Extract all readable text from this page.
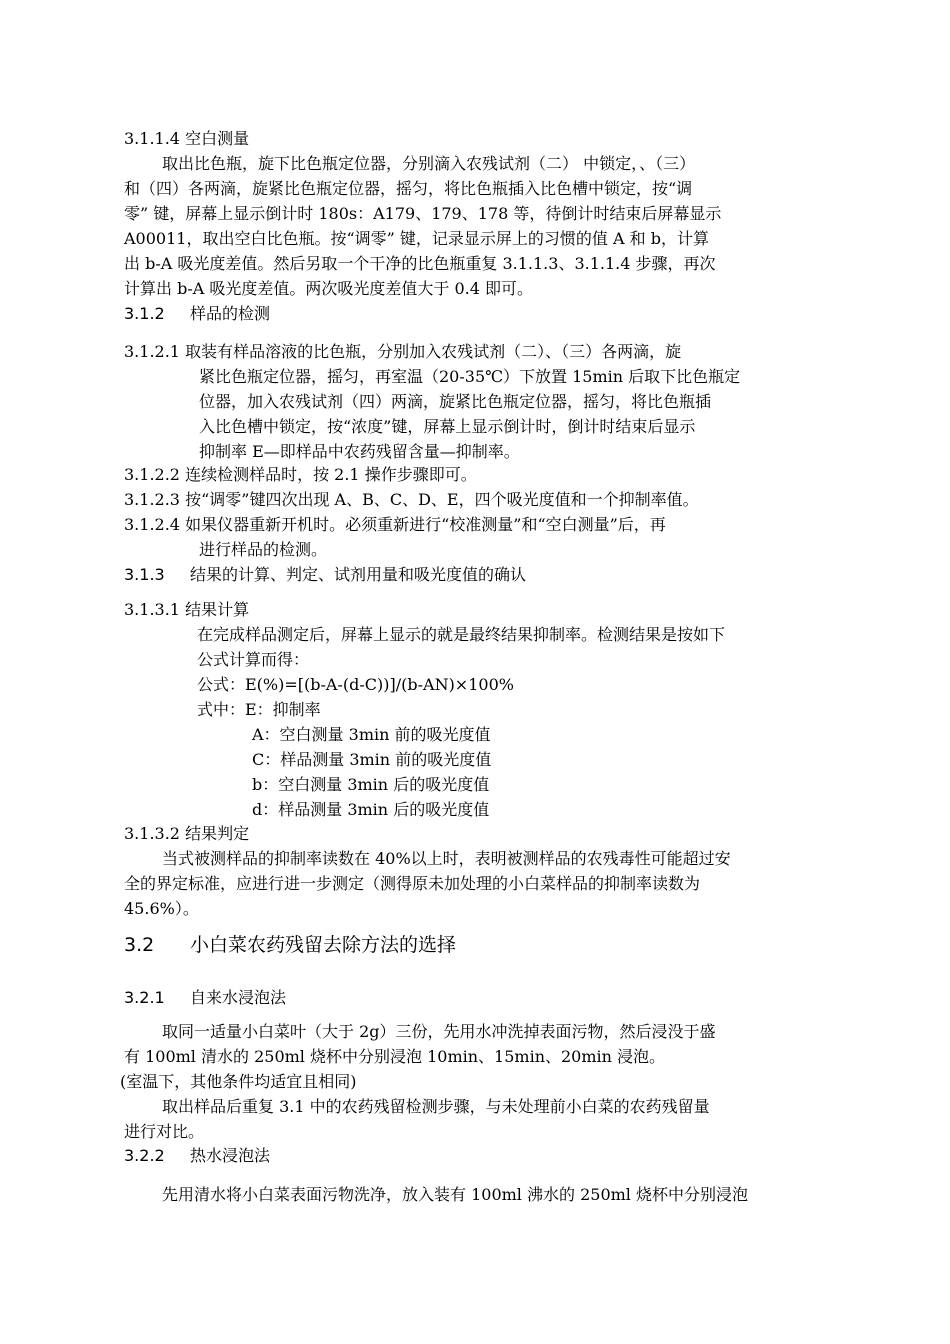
3.1.1.4 空白测量
取出比色瓶，旋下比色瓶定位器，分别滴入农残试剂（二） 中锁定，、（三）
和（四）各两滴，旋紧比色瓶定位器，摇匀，将比色瓶插入比色槽中锁定，按“调
零” 键，屏幕上显示倒计时 180s：A179、179、178 等，待倒计时结束后屏幕显示
A00011，取出空白比色瓶。按“调零” 键，记录显示屏上的习惯的值 A 和 b，计算
出 b-A 吸光度差值。然后另取一个干净的比色瓶重复 3.1.1.3、3.1.1.4 步骤，再次
计算出 b-A 吸光度差值。两次吸光度差值大于 0.4 即可。
3.1.2 样品的检测
3.1.2.1 取装有样品溶液的比色瓶，分别加入农残试剂（二）、（三）各两滴，旋
紧比色瓶定位器，摇匀，再室温（20-35℃）下放置 15min 后取下比色瓶定
位器，加入农残试剂（四）两滴，旋紧比色瓶定位器，摇匀，将比色瓶插
入比色槽中锁定，按“浓度”键，屏幕上显示倒计时，倒计时结束后显示
抑制率 E—即样品中农药残留含量—抑制率。
3.1.2.2 连续检测样品时，按 2.1 操作步骤即可。
3.1.2.3 按“调零”键四次出现 A、B、C、D、E，四个吸光度值和一个抑制率值。
3.1.2.4 如果仪器重新开机时。必须重新进行“校准测量”和“空白测量”后，再
进行样品的检测。
3.1.3 结果的计算、判定、试剂用量和吸光度值的确认
3.1.3.1 结果计算
在完成样品测定后，屏幕上显示的就是最终结果抑制率。检测结果是按如下
公式计算而得：
公式：E(%)=[(b-A-(d-C))]/(b-AN)×100%
式中：E：抑制率
A：空白测量 3min 前的吸光度值
C：样品测量 3min 前的吸光度值
b：空白测量 3min 后的吸光度值
d：样品测量 3min 后的吸光度值
3.1.3.2 结果判定
当式被测样品的抑制率读数在 40%以上时，表明被测样品的农残毒性可能超过安
全的界定标准，应进行进一步测定（测得原未加处理的小白菜样品的抑制率读数为
45.6%）。
3.2 小白菜农药残留去除方法的选择
3.2.1 自来水浸泡法
取同一适量小白菜叶（大于 2g）三份，先用水冲洗掉表面污物，然后浸没于盛
有 100ml 清水的 250ml 烧杯中分别浸泡 10min、15min、20min 浸泡。
(室温下，其他条件均适宜且相同)
取出样品后重复 3.1 中的农药残留检测步骤，与未处理前小白菜的农药残留量
进行对比。
3.2.2 热水浸泡法
先用清水将小白菜表面污物洗净，放入装有 100ml 沸水的 250ml 烧杯中分别浸泡
